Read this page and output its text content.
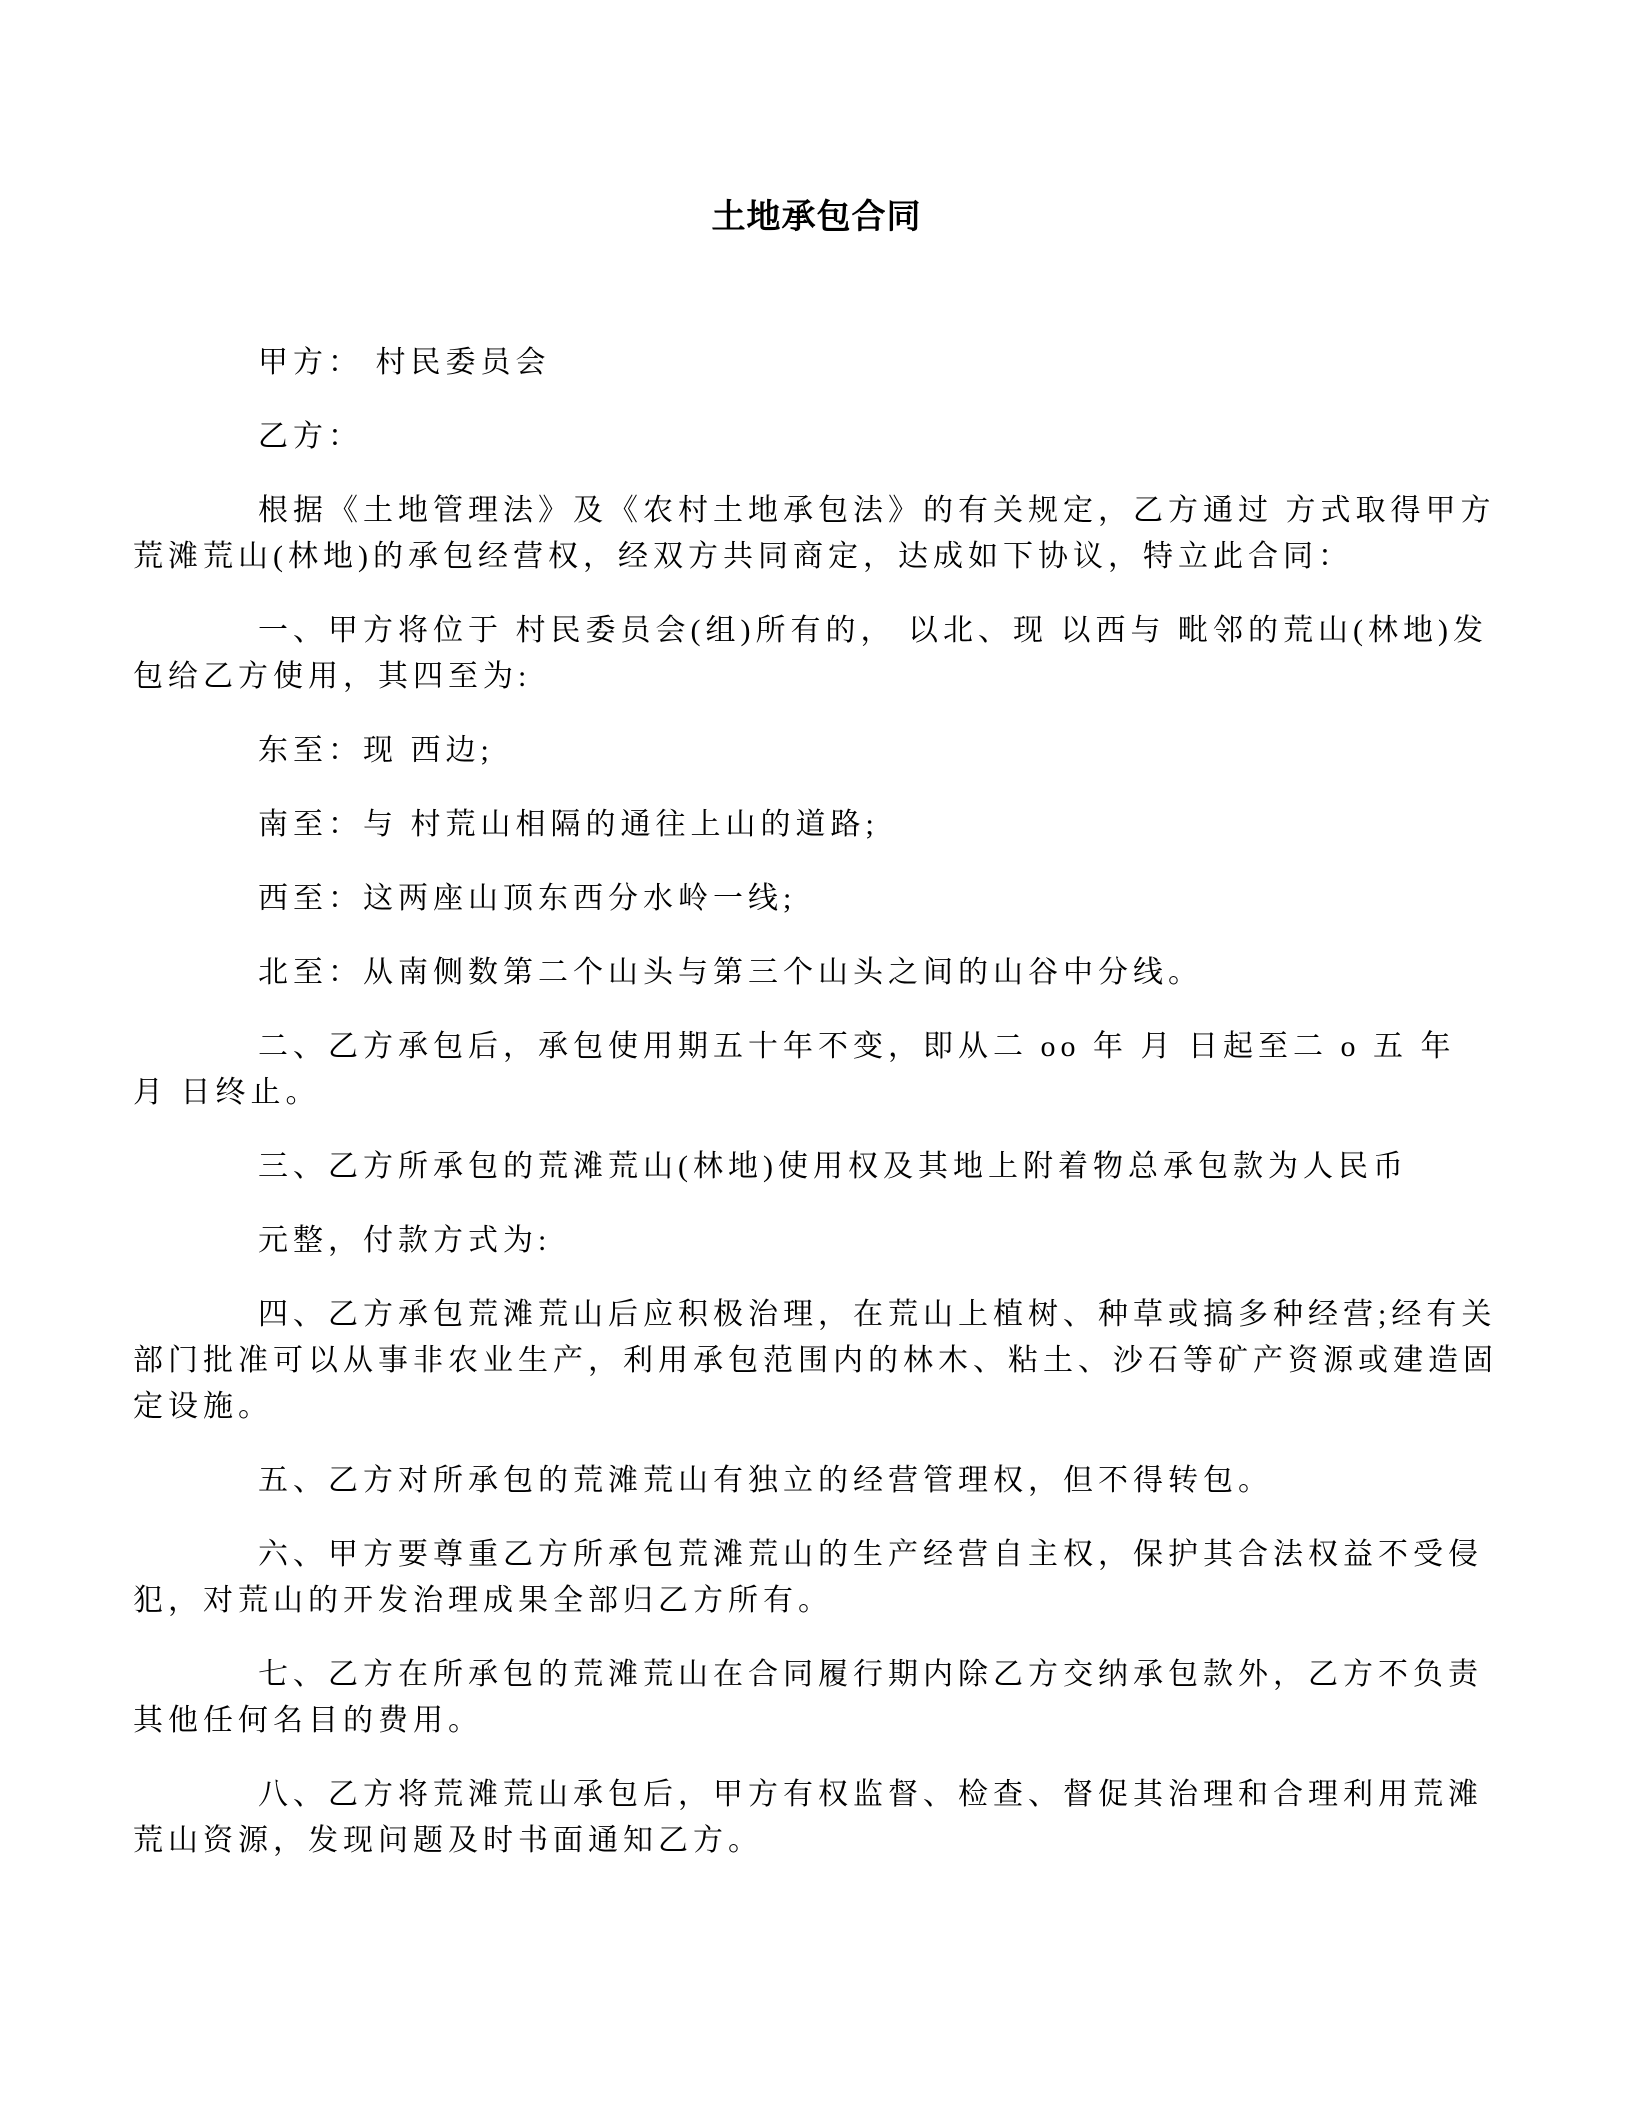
土地承包合同

甲方： 村民委员会

乙方：

根据《土地管理法》及《农村土地承包法》的有关规定，乙方通过 方式取得甲方荒滩荒山(林地)的承包经营权，经双方共同商定，达成如下协议，特立此合同：

一、甲方将位于 村民委员会(组)所有的， 以北、现 以西与 毗邻的荒山(林地)发包给乙方使用，其四至为:

东至：现 西边;

南至：与 村荒山相隔的通往上山的道路;

西至：这两座山顶东西分水岭一线;

北至：从南侧数第二个山头与第三个山头之间的山谷中分线。

二、乙方承包后，承包使用期五十年不变，即从二 oo 年 月 日起至二 o 五 年 月 日终止。

三、乙方所承包的荒滩荒山(林地)使用权及其地上附着物总承包款为人民币

元整，付款方式为:

四、乙方承包荒滩荒山后应积极治理，在荒山上植树、种草或搞多种经营;经有关部门批准可以从事非农业生产，利用承包范围内的林木、粘土、沙石等矿产资源或建造固定设施。

五、乙方对所承包的荒滩荒山有独立的经营管理权，但不得转包。

六、甲方要尊重乙方所承包荒滩荒山的生产经营自主权，保护其合法权益不受侵犯，对荒山的开发治理成果全部归乙方所有。

七、乙方在所承包的荒滩荒山在合同履行期内除乙方交纳承包款外，乙方不负责其他任何名目的费用。

八、乙方将荒滩荒山承包后，甲方有权监督、检查、督促其治理和合理利用荒滩荒山资源，发现问题及时书面通知乙方。
